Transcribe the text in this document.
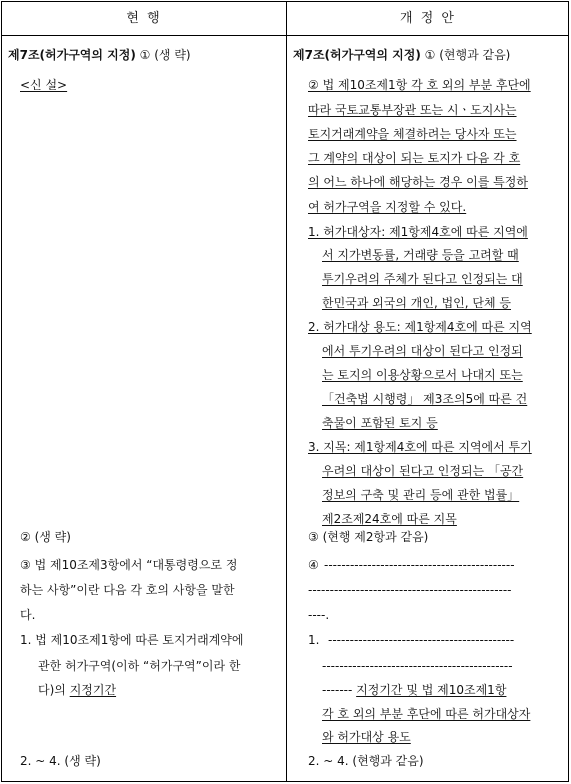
현 행	개 정 안
제7조(허가구역의 지정) ① (생 략)
<신 설>
② (생 략)
③ 법 제10조제3항에서 “대통령령으로 정
하는 사항”이란 다음 각 호의 사항을 말한
다.
1. 법 제10조제1항에 따른 토지거래계약에
관한 허가구역(이하 “허가구역”이라 한
다)의 지정기간
2. ~ 4. (생 략)
제7조(허가구역의 지정) ① (현행과 같음)
② 법 제10조제1항 각 호 외의 부분 후단에
따라 국토교통부장관 또는 시ㆍ도지사는
토지거래계약을 체결하려는 당사자 또는
그 계약의 대상이 되는 토지가 다음 각 호
의 어느 하나에 해당하는 경우 이를 특정하
여 허가구역을 지정할 수 있다.
1. 허가대상자: 제1항제4호에 따른 지역에
서 지가변동률, 거래량 등을 고려할 때
투기우려의 주체가 된다고 인정되는 대
한민국과 외국의 개인, 법인, 단체 등
2. 허가대상 용도: 제1항제4호에 따른 지역
에서 투기우려의 대상이 된다고 인정되
는 토지의 이용상황으로서 나대지 또는
「건축법 시행령」 제3조의5에 따른 건
축물이 포함된 토지 등
3. 지목: 제1항제4호에 따른 지역에서 투기
우려의 대상이 된다고 인정되는 「공간
정보의 구축 및 관리 등에 관한 법률」
제2조제24호에 따른 지목
③ (현행 제2항과 같음)
④ --------------------------------------------
-----------------------------------------------
----.
1. -------------------------------------------
--------------------------------------------
------- 지정기간 및 법 제10조제1항
각 호 외의 부분 후단에 따른 허가대상자
와 허가대상 용도
2. ~ 4. (현행과 같음)
